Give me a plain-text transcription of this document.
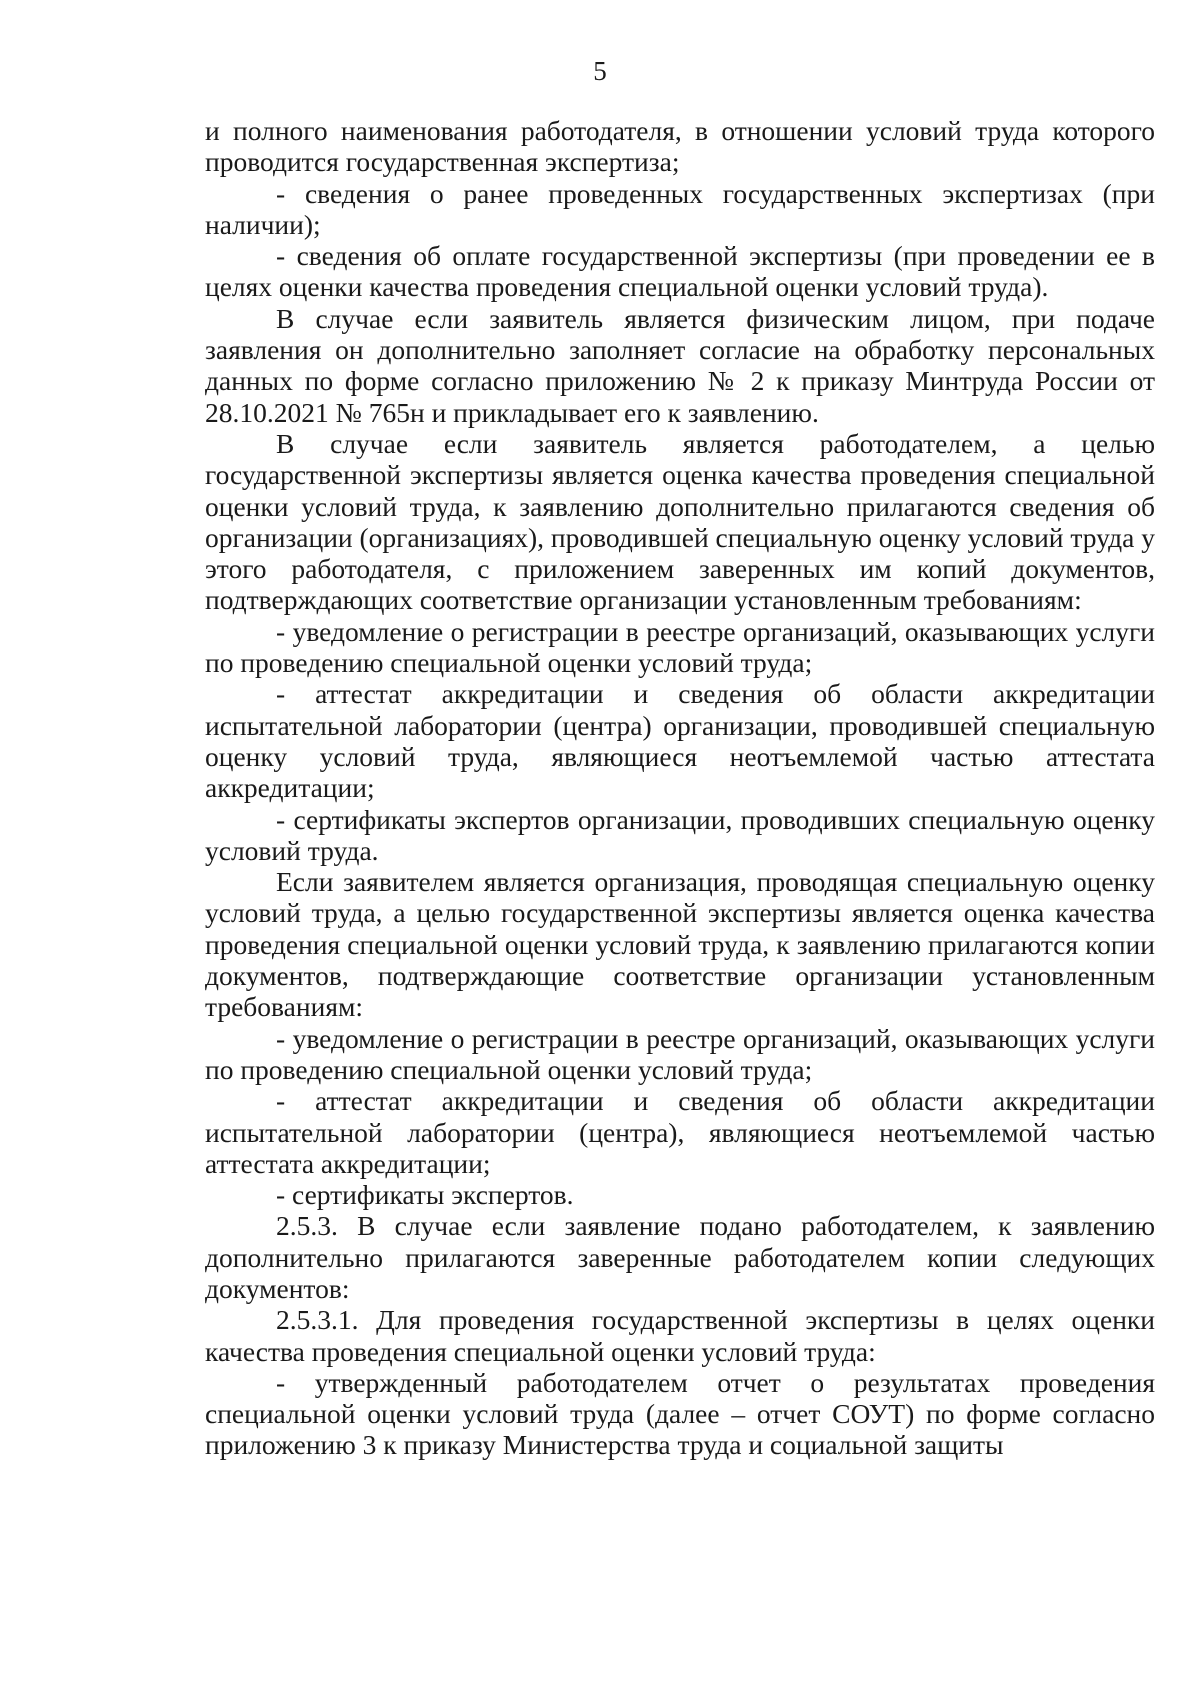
5

и полного наименования работодателя, в отношении условий труда которого проводится государственная экспертиза;

- сведения о ранее проведенных государственных экспертизах (при наличии);

- сведения об оплате государственной экспертизы (при проведении ее в целях оценки качества проведения специальной оценки условий труда).

В случае если заявитель является физическим лицом, при подаче заявления он дополнительно заполняет согласие на обработку персональных данных по форме согласно приложению № 2 к приказу Минтруда России от 28.10.2021 № 765н и прикладывает его к заявлению.

В случае если заявитель является работодателем, а целью государственной экспертизы является оценка качества проведения специальной оценки условий труда, к заявлению дополнительно прилагаются сведения об организации (организациях), проводившей специальную оценку условий труда у этого работодателя, с приложением заверенных им копий документов, подтверждающих соответствие организации установленным требованиям:

- уведомление о регистрации в реестре организаций, оказывающих услуги по проведению специальной оценки условий труда;

- аттестат аккредитации и сведения об области аккредитации испытательной лаборатории (центра) организации, проводившей специальную оценку условий труда, являющиеся неотъемлемой частью аттестата аккредитации;

- сертификаты экспертов организации, проводивших специальную оценку условий труда.

Если заявителем является организация, проводящая специальную оценку условий труда, а целью государственной экспертизы является оценка качества проведения специальной оценки условий труда, к заявлению прилагаются копии документов, подтверждающие соответствие организации установленным требованиям:

- уведомление о регистрации в реестре организаций, оказывающих услуги по проведению специальной оценки условий труда;

- аттестат аккредитации и сведения об области аккредитации испытательной лаборатории (центра), являющиеся неотъемлемой частью аттестата аккредитации;

- сертификаты экспертов.

2.5.3. В случае если заявление подано работодателем, к заявлению дополнительно прилагаются заверенные работодателем копии следующих документов:

2.5.3.1. Для проведения государственной экспертизы в целях оценки качества проведения специальной оценки условий труда:

- утвержденный работодателем отчет о результатах проведения специальной оценки условий труда (далее – отчет СОУТ) по форме согласно приложению 3 к приказу Министерства труда и социальной защиты
